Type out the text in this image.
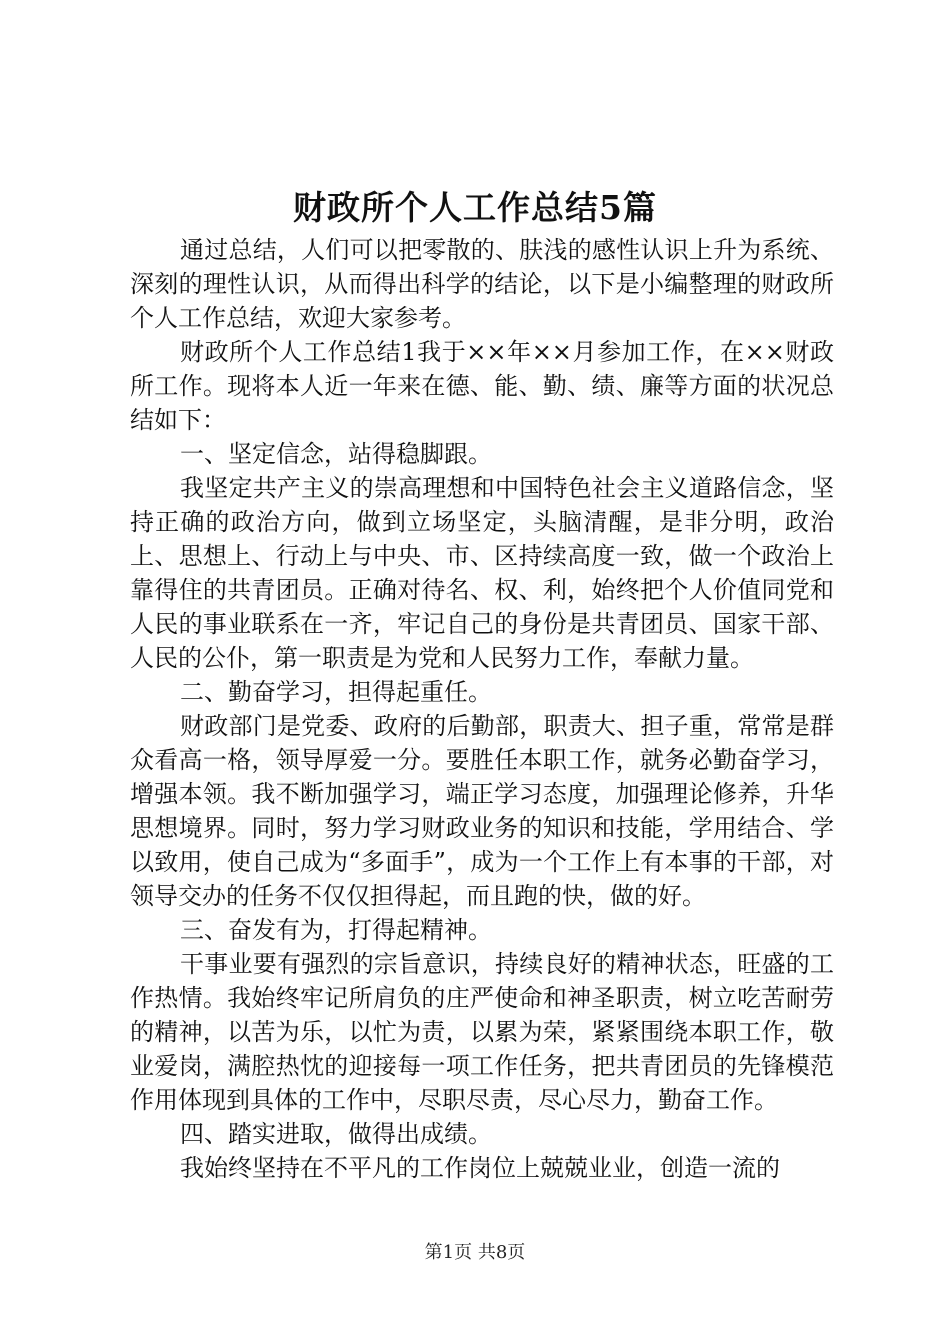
财政所个人工作总结5篇

通过总结，人们可以把零散的、肤浅的感性认识上升为系统、深刻的理性认识，从而得出科学的结论，以下是小编整理的财政所个人工作总结，欢迎大家参考。

财政所个人工作总结1我于××年××月参加工作，在××财政所工作。现将本人近一年来在德、能、勤、绩、廉等方面的状况总结如下：

一、坚定信念，站得稳脚跟。

我坚定共产主义的崇高理想和中国特色社会主义道路信念，坚持正确的政治方向，做到立场坚定，头脑清醒，是非分明，政治上、思想上、行动上与中央、市、区持续高度一致，做一个政治上靠得住的共青团员。正确对待名、权、利，始终把个人价值同党和人民的事业联系在一齐，牢记自己的身份是共青团员、国家干部、人民的公仆，第一职责是为党和人民努力工作，奉献力量。

二、勤奋学习，担得起重任。

财政部门是党委、政府的后勤部，职责大、担子重，常常是群众看高一格，领导厚爱一分。要胜任本职工作，就务必勤奋学习，增强本领。我不断加强学习，端正学习态度，加强理论修养，升华思想境界。同时，努力学习财政业务的知识和技能，学用结合、学以致用，使自己成为“多面手”，成为一个工作上有本事的干部，对领导交办的任务不仅仅担得起，而且跑的快，做的好。

三、奋发有为，打得起精神。

干事业要有强烈的宗旨意识，持续良好的精神状态，旺盛的工作热情。我始终牢记所肩负的庄严使命和神圣职责，树立吃苦耐劳的精神，以苦为乐，以忙为责，以累为荣，紧紧围绕本职工作，敬业爱岗，满腔热忱的迎接每一项工作任务，把共青团员的先锋模范作用体现到具体的工作中，尽职尽责，尽心尽力，勤奋工作。

四、踏实进取，做得出成绩。

我始终坚持在不平凡的工作岗位上兢兢业业，创造一流的

第1页 共8页
